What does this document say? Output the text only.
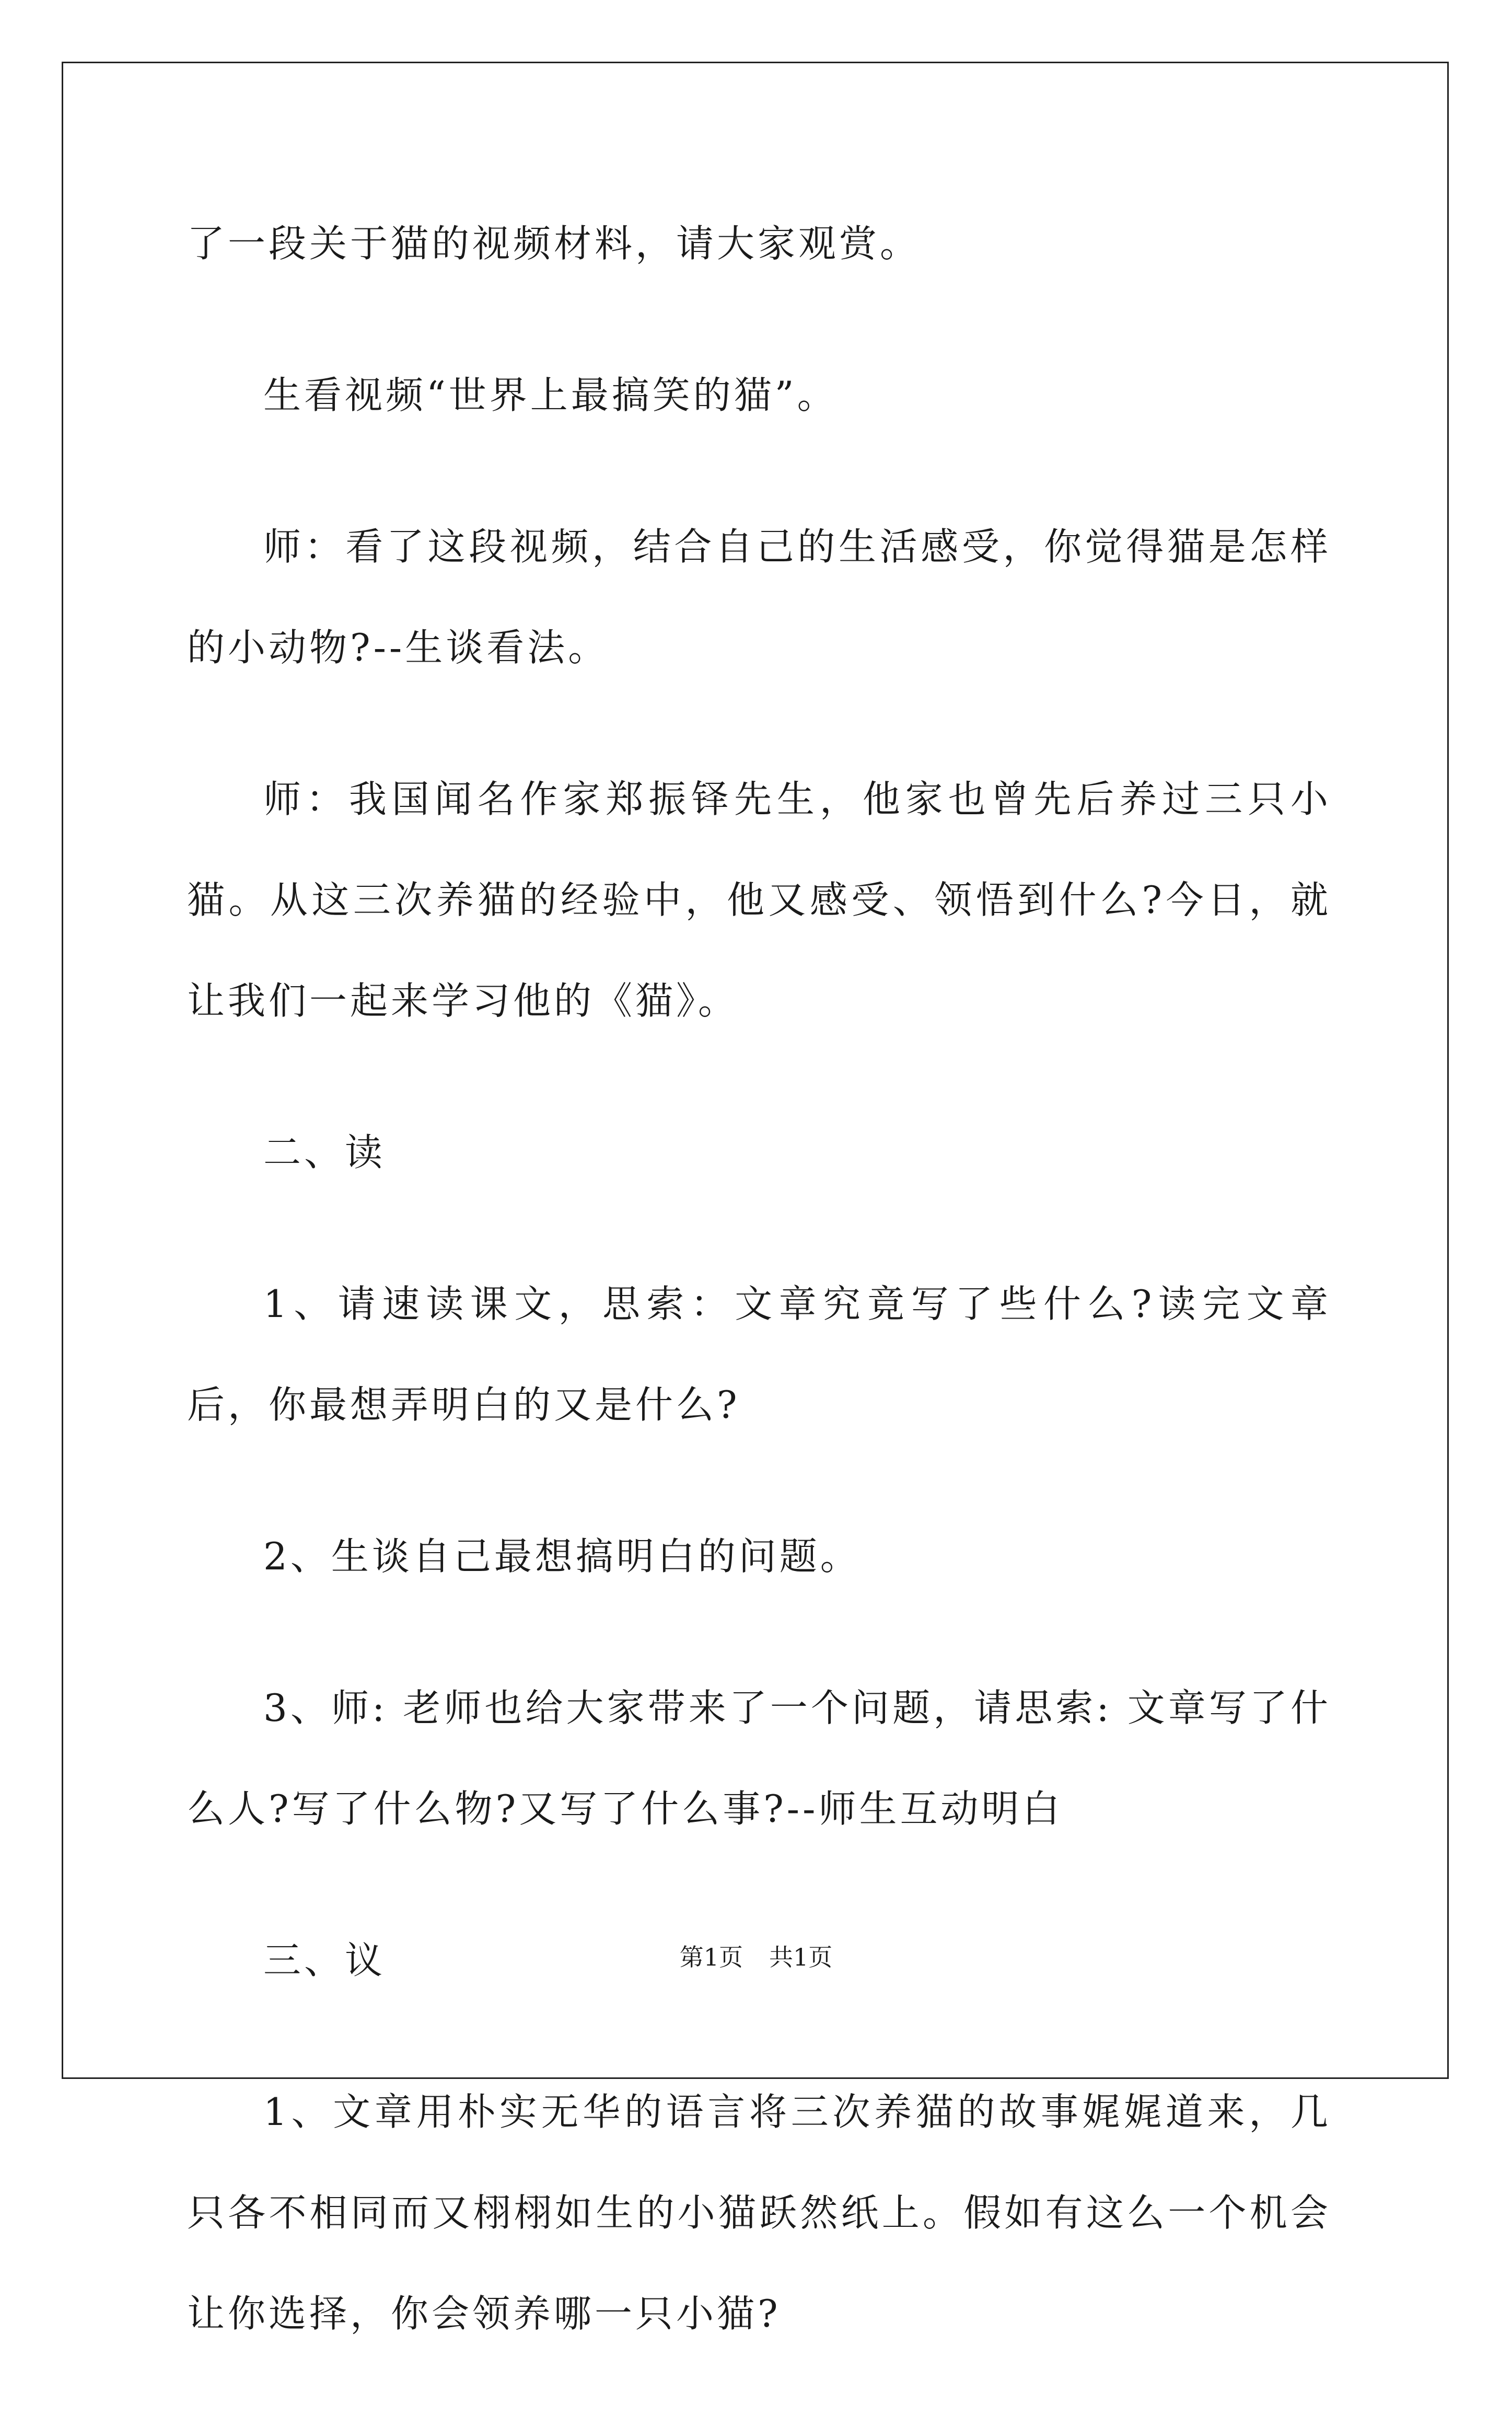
了一段关于猫的视频材料，请大家观赏。

生看视频“世界上最搞笑的猫”。

师：看了这段视频，结合自己的生活感受，你觉得猫是怎样的小动物?--生谈看法。

师：我国闻名作家郑振铎先生，他家也曾先后养过三只小猫。从这三次养猫的经验中，他又感受、领悟到什么?今日，就让我们一起来学习他的《猫》。

二、读

1、请速读课文，思索：文章究竟写了些什么?读完文章后，你最想弄明白的又是什么?

2、生谈自己最想搞明白的问题。

3、师: 老师也给大家带来了一个问题，请思索: 文章写了什么人?写了什么物?又写了什么事?--师生互动明白

三、议

1、文章用朴实无华的语言将三次养猫的故事娓娓道来，几只各不相同而又栩栩如生的小猫跃然纸上。假如有这么一个机会让你选择，你会领养哪一只小猫?

第1页 共1页
